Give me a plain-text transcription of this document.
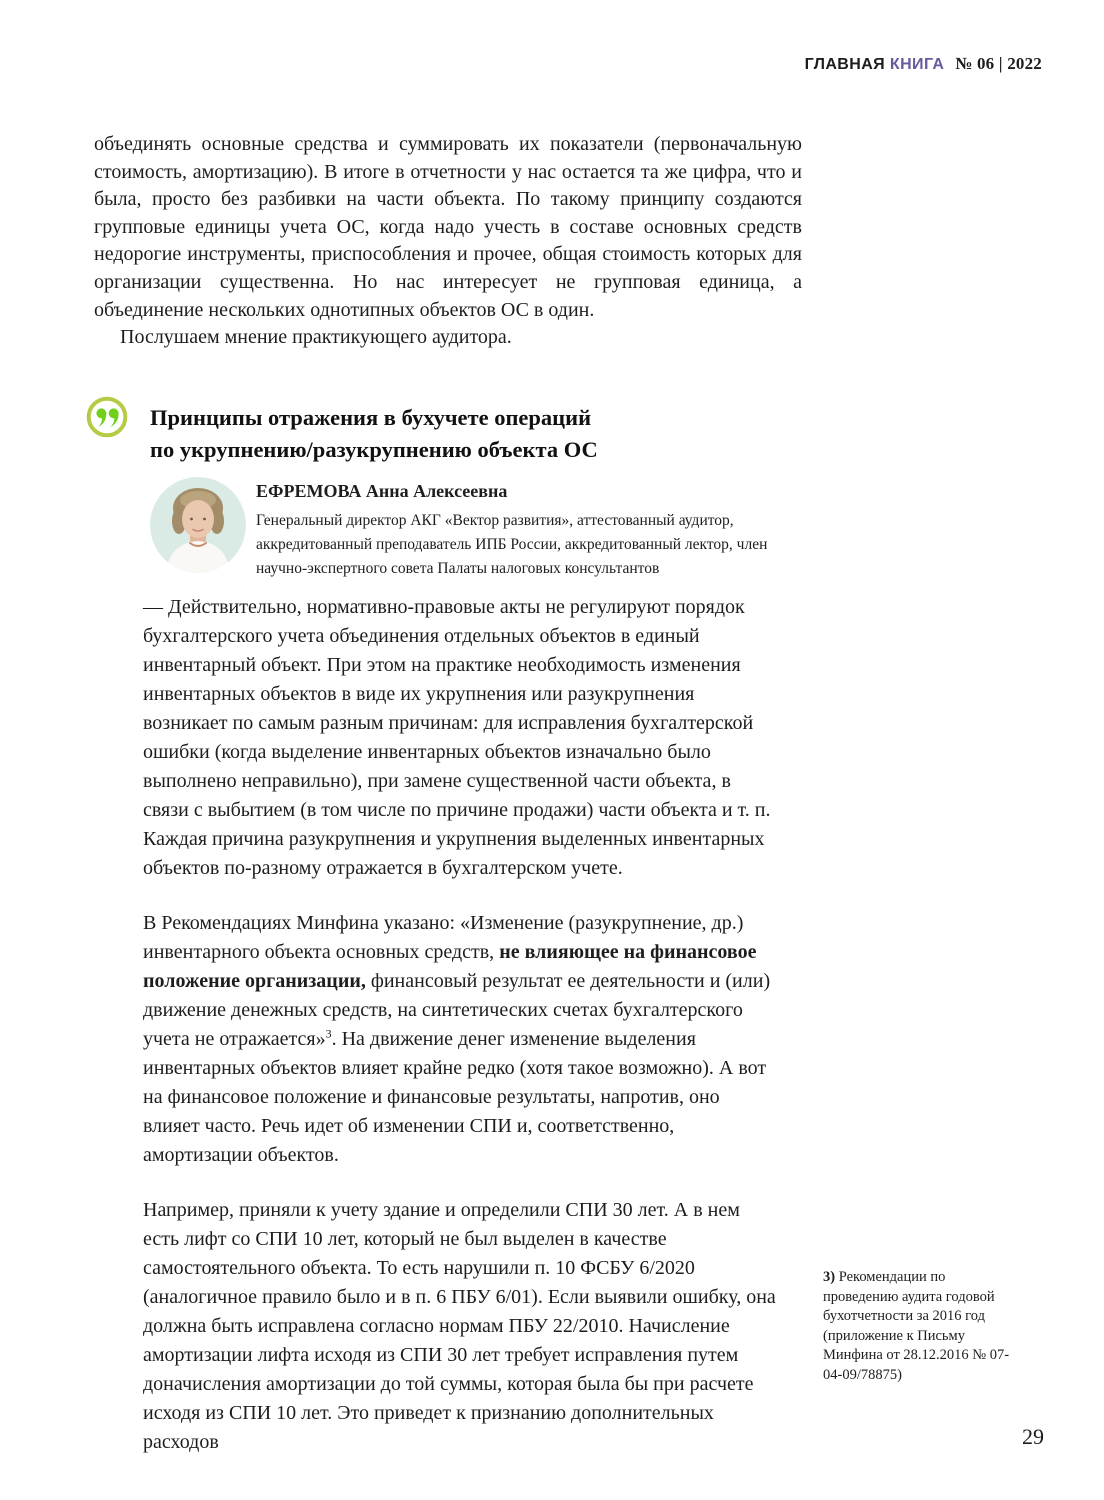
ГЛАВНАЯ КНИГА № 06 | 2022

объединять основные средства и суммировать их показатели (первоначальную стоимость, амортизацию). В итоге в отчетности у нас остается та же цифра, что и была, просто без разбивки на части объекта. По такому принципу создаются групповые единицы учета ОС, когда надо учесть в составе основных средств недорогие инструменты, приспособления и прочее, общая стоимость которых для организации существенна. Но нас интересует не групповая единица, а объединение нескольких однотипных объектов ОС в один.

Послушаем мнение практикующего аудитора.

Принципы отражения в бухучете операций
по укрупнению/разукрупнению объекта ОС

ЕФРЕМОВА Анна Алексеевна

Генеральный директор АКГ «Вектор развития», аттестованный аудитор, аккредитованный преподаватель ИПБ России, аккредитованный лектор, член научно-экспертного совета Палаты налоговых консультантов

— Действительно, нормативно-правовые акты не регулируют порядок бухгалтерского учета объединения отдельных объектов в единый инвентарный объект. При этом на практике необходимость изменения инвентарных объектов в виде их укрупнения или разукрупнения возникает по самым разным причинам: для исправления бухгалтерской ошибки (когда выделение инвентарных объектов изначально было выполнено неправильно), при замене существенной части объекта, в связи с выбытием (в том числе по причине продажи) части объекта и т. п. Каждая причина разукрупнения и укрупнения выделенных инвентарных объектов по-разному отражается в бухгалтерском учете.

В Рекомендациях Минфина указано: «Изменение (разукрупнение, др.) инвентарного объекта основных средств, не влияющее на финансовое положение организации, финансовый результат ее деятельности и (или) движение денежных средств, на синтетических счетах бухгалтерского учета не отражается»$^3$. На движение денег изменение выделения инвентарных объектов влияет крайне редко (хотя такое возможно). А вот на финансовое положение и финансовые результаты, напротив, оно влияет часто. Речь идет об изменении СПИ и, соответственно, амортизации объектов.

Например, приняли к учету здание и определили СПИ 30 лет. А в нем есть лифт со СПИ 10 лет, который не был выделен в качестве самостоятельного объекта. То есть нарушили п. 10 ФСБУ 6/2020 (аналогичное правило было и в п. 6 ПБУ 6/01). Если выявили ошибку, она должна быть исправлена согласно нормам ПБУ 22/2010. Начисление амортизации лифта исходя из СПИ 30 лет требует исправления путем доначисления амортизации до той суммы, которая была бы при расчете исходя из СПИ 10 лет. Это приведет к признанию дополнительных расходов

3) Рекомендации по проведению аудита годовой бухотчетности за 2016 год (приложение к Письму Минфина от 28.12.2016 № 07-04-09/78875)
29
